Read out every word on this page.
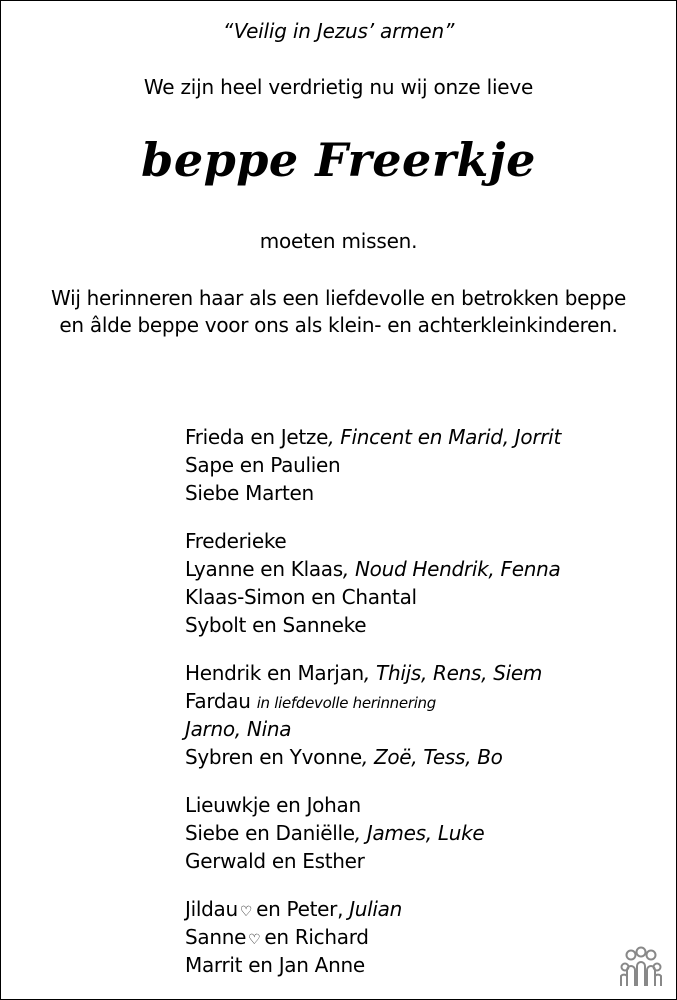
“Veilig in Jezus’ armen”
We zijn heel verdrietig nu wij onze lieve
beppe Freerkje
moeten missen.
Wij herinneren haar als een liefdevolle en betrokken beppe
en âlde beppe voor ons als klein- en achterkleinkinderen.
Frieda en Jetze, Fincent en Marid, Jorrit
Sape en Paulien
Siebe Marten
Frederieke
Lyanne en Klaas, Noud Hendrik, Fenna
Klaas-Simon en Chantal
Sybolt en Sanneke
Hendrik en Marjan, Thijs, Rens, Siem
Fardau in liefdevolle herinnering
Jarno, Nina
Sybren en Yvonne, Zoë, Tess, Bo
Lieuwkje en Johan
Siebe en Daniëlle, James, Luke
Gerwald en Esther
Jildau ♡ en Peter, Julian
Sanne ♡ en Richard
Marrit en Jan Anne
